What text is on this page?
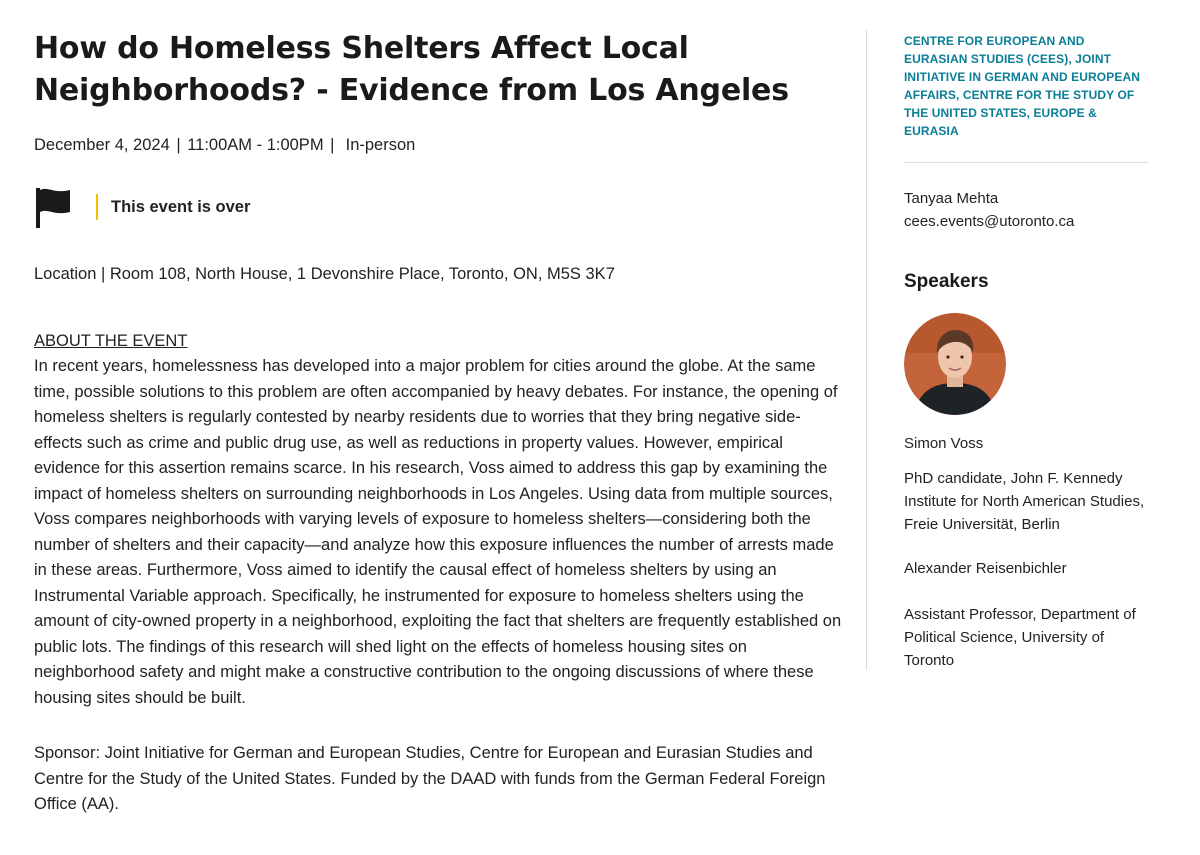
How do Homeless Shelters Affect Local
Neighborhoods? - Evidence from Los Angeles
December 4, 2024 | 11:00AM - 1:00PM |  In-person
This event is over
Location | Room 108, North House, 1 Devonshire Place, Toronto, ON, M5S 3K7
ABOUT THE EVENT

In recent years, homelessness has developed into a major problem for cities around the globe. At the same time, possible solutions to this problem are often accompanied by heavy debates. For instance, the opening of homeless shelters is regularly contested by nearby residents due to worries that they bring negative side-effects such as crime and public drug use, as well as reductions in property values. However, empirical evidence for this assertion remains scarce. In his research, Voss aimed to address this gap by examining the impact of homeless shelters on surrounding neighborhoods in Los Angeles. Using data from multiple sources, Voss compares neighborhoods with varying levels of exposure to homeless shelters—considering both the number of shelters and their capacity—and analyze how this exposure influences the number of arrests made in these areas. Furthermore, Voss aimed to identify the causal effect of homeless shelters by using an Instrumental Variable approach. Specifically, he instrumented for exposure to homeless shelters using the amount of city-owned property in a neighborhood, exploiting the fact that shelters are frequently established on public lots. The findings of this research will shed light on the effects of homeless housing sites on neighborhood safety and might make a constructive contribution to the ongoing discussions of where these housing sites should be built.

Sponsor: Joint Initiative for German and European Studies, Centre for European and Eurasian Studies and Centre for the Study of the United States. Funded by the DAAD with funds from the German Federal Foreign Office (AA).
CENTRE FOR EUROPEAN AND EURASIAN STUDIES (CEES), JOINT INITIATIVE IN GERMAN AND EUROPEAN AFFAIRS, CENTRE FOR THE STUDY OF THE UNITED STATES, EUROPE & EURASIA
Tanyaa Mehta
cees.events@utoronto.ca
Speakers
Simon Voss
PhD candidate, John F. Kennedy Institute for North American Studies, Freie Universität, Berlin
Alexander Reisenbichler
Assistant Professor, Department of Political Science, University of Toronto
